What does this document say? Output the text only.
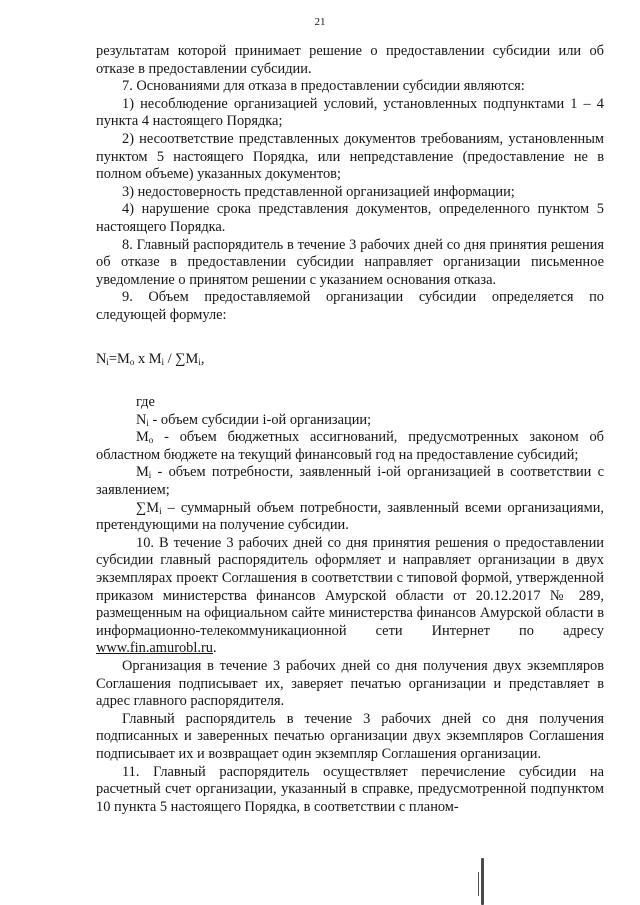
21

результатам которой принимает решение о предоставлении субсидии или об отказе в предоставлении субсидии.

7. Основаниями для отказа в предоставлении субсидии являются:

1) несоблюдение организацией условий, установленных подпунктами 1 – 4 пункта 4 настоящего Порядка;

2) несоответствие представленных документов требованиям, установленным пунктом 5 настоящего Порядка, или непредставление (предоставление не в полном объеме) указанных документов;

3) недостоверность представленной организацией информации;

4) нарушение срока представления документов, определенного пунктом 5 настоящего Порядка.

8. Главный распорядитель в течение 3 рабочих дней со дня принятия решения об отказе в предоставлении субсидии направляет организации письменное уведомление о принятом решении с указанием основания отказа.

9. Объем предоставляемой организации субсидии определяется по следующей формуле:

$N_i=M_o$ x $M_i / \sum M_i$,

где

$N_i$ - объем субсидии i-ой организации;

$M_o$ - объем бюджетных ассигнований, предусмотренных законом об областном бюджете на текущий финансовый год на предоставление субсидий;

$M_i$ - объем потребности, заявленный i-ой организацией в соответствии с заявлением;

$\sum M_i$ – суммарный объем потребности, заявленный всеми организациями, претендующими на получение субсидии.

10. В течение 3 рабочих дней со дня принятия решения о предоставлении субсидии главный распорядитель оформляет и направляет организации в двух экземплярах проект Соглашения в соответствии с типовой формой, утвержденной приказом министерства финансов Амурской области от 20.12.2017 № 289, размещенным на официальном сайте министерства финансов Амурской области в информационно-телекоммуникационной сети Интернет по адресу www.fin.amurobl.ru.

Организация в течение 3 рабочих дней со дня получения двух экземпляров Соглашения подписывает их, заверяет печатью организации и представляет в адрес главного распорядителя.

Главный распорядитель в течение 3 рабочих дней со дня получения подписанных и заверенных печатью организации двух экземпляров Соглашения подписывает их и возвращает один экземпляр Соглашения организации.

11. Главный распорядитель осуществляет перечисление субсидии на расчетный счет организации, указанный в справке, предусмотренной подпунктом 10 пункта 5 настоящего Порядка, в соответствии с планом-
